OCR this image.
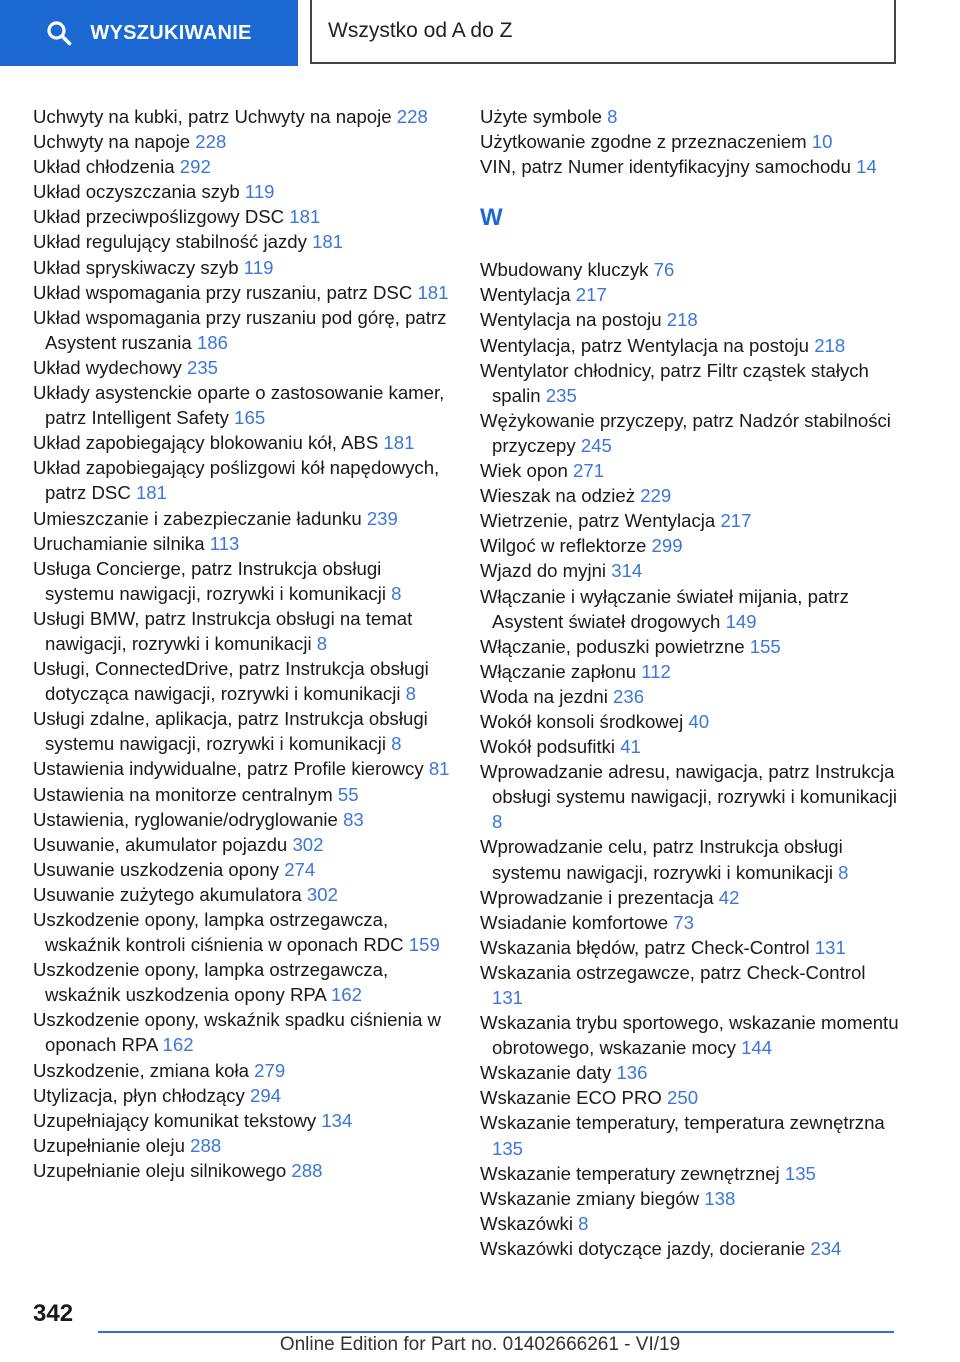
WYSZUKIWANIE	Wszystko od A do Z
Uchwyty na kubki, patrz Uchwyty na napoje 228
Uchwyty na napoje 228
Układ chłodzenia 292
Układ oczyszczania szyb 119
Układ przeciwpoślizgowy DSC 181
Układ regulujący stabilność jazdy 181
Układ spryskiwaczy szyb 119
Układ wspomagania przy ruszaniu, patrz DSC 181
Układ wspomagania przy ruszaniu pod górę, patrz Asystent ruszania 186
Układ wydechowy 235
Układy asystenckie oparte o zastosowanie kamer, patrz Intelligent Safety 165
Układ zapobiegający blokowaniu kół, ABS 181
Układ zapobiegający poślizgowi kół napędowych, patrz DSC 181
Umieszczanie i zabezpieczanie ładunku 239
Uruchamianie silnika 113
Usługa Concierge, patrz Instrukcja obsługi systemu nawigacji, rozrywki i komunikacji 8
Usługi BMW, patrz Instrukcja obsługi na temat nawigacji, rozrywki i komunikacji 8
Usługi, ConnectedDrive, patrz Instrukcja obsługi dotycząca nawigacji, rozrywki i komunikacji 8
Usługi zdalne, aplikacja, patrz Instrukcja obsługi systemu nawigacji, rozrywki i komunikacji 8
Ustawienia indywidualne, patrz Profile kierowcy 81
Ustawienia na monitorze centralnym 55
Ustawienia, ryglowanie/odryglowanie 83
Usuwanie, akumulator pojazdu 302
Usuwanie uszkodzenia opony 274
Usuwanie zużytego akumulatora 302
Uszkodzenie opony, lampka ostrzegawcza, wskaźnik kontroli ciśnienia w oponach RDC 159
Uszkodzenie opony, lampka ostrzegawcza, wskaźnik uszkodzenia opony RPA 162
Uszkodzenie opony, wskaźnik spadku ciśnienia w oponach RPA 162
Uszkodzenie, zmiana koła 279
Utylizacja, płyn chłodzący 294
Uzupełniający komunikat tekstowy 134
Uzupełnianie oleju 288
Uzupełnianie oleju silnikowego 288
Użyte symbole 8
Użytkowanie zgodne z przeznaczeniem 10
VIN, patrz Numer identyfikacyjny samochodu 14
W
Wbudowany kluczyk 76
Wentylacja 217
Wentylacja na postoju 218
Wentylacja, patrz Wentylacja na postoju 218
Wentylator chłodnicy, patrz Filtr cząstek stałych spalin 235
Wężykowanie przyczepy, patrz Nadzór stabilności przyczepy 245
Wiek opon 271
Wieszak na odzież 229
Wietrzenie, patrz Wentylacja 217
Wilgoć w reflektorze 299
Wjazd do myjni 314
Włączanie i wyłączanie świateł mijania, patrz Asystent świateł drogowych 149
Włączanie, poduszki powietrzne 155
Włączanie zapłonu 112
Woda na jezdni 236
Wokół konsoli środkowej 40
Wokół podsufitki 41
Wprowadzanie adresu, nawigacja, patrz Instrukcja obsługi systemu nawigacji, rozrywki i komunikacji 8
Wprowadzanie celu, patrz Instrukcja obsługi systemu nawigacji, rozrywki i komunikacji 8
Wprowadzanie i prezentacja 42
Wsiadanie komfortowe 73
Wskazania błędów, patrz Check-Control 131
Wskazania ostrzegawcze, patrz Check-Control 131
Wskazania trybu sportowego, wskazanie momentu obrotowego, wskazanie mocy 144
Wskazanie daty 136
Wskazanie ECO PRO 250
Wskazanie temperatury, temperatura zewnętrzna 135
Wskazanie temperatury zewnętrznej 135
Wskazanie zmiany biegów 138
Wskazówki 8
Wskazówki dotyczące jazdy, docieranie 234
342
Online Edition for Part no. 01402666261 - VI/19
